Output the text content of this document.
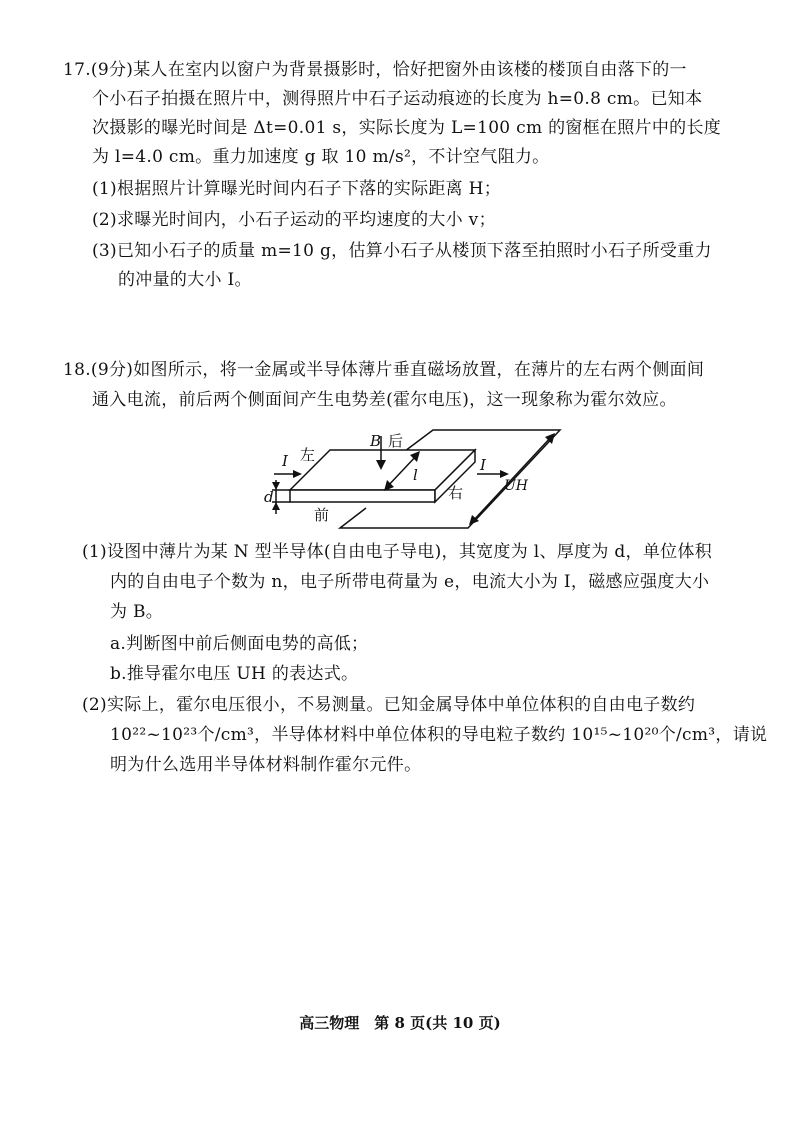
17.(9分)某人在室内以窗户为背景摄影时，恰好把窗外由该楼的楼顶自由落下的一
个小石子拍摄在照片中，测得照片中石子运动痕迹的长度为 h=0.8 cm。已知本
次摄影的曝光时间是 Δt=0.01 s，实际长度为 L=100 cm 的窗框在照片中的长度
为 l=4.0 cm。重力加速度 g 取 10 m/s²，不计空气阻力。
(1)根据照片计算曝光时间内石子下落的实际距离 H；
(2)求曝光时间内，小石子运动的平均速度的大小 v；
(3)已知小石子的质量 m=10 g，估算小石子从楼顶下落至拍照时小石子所受重力
的冲量的大小 I。
18.(9分)如图所示，将一金属或半导体薄片垂直磁场放置，在薄片的左右两个侧面间
通入电流，前后两个侧面间产生电势差(霍尔电压)，这一现象称为霍尔效应。
B 后
左
I	I
l
右	UH
d
前
(1)设图中薄片为某 N 型半导体(自由电子导电)，其宽度为 l、厚度为 d，单位体积
内的自由电子个数为 n，电子所带电荷量为 e，电流大小为 I，磁感应强度大小
为 B。
a.判断图中前后侧面电势的高低；
b.推导霍尔电压 UH 的表达式。
(2)实际上，霍尔电压很小，不易测量。已知金属导体中单位体积的自由电子数约
10²²~10²³个/cm³，半导体材料中单位体积的导电粒子数约 10¹⁵~10²⁰个/cm³，请说
明为什么选用半导体材料制作霍尔元件。
高三物理　第 8 页(共 10 页)
